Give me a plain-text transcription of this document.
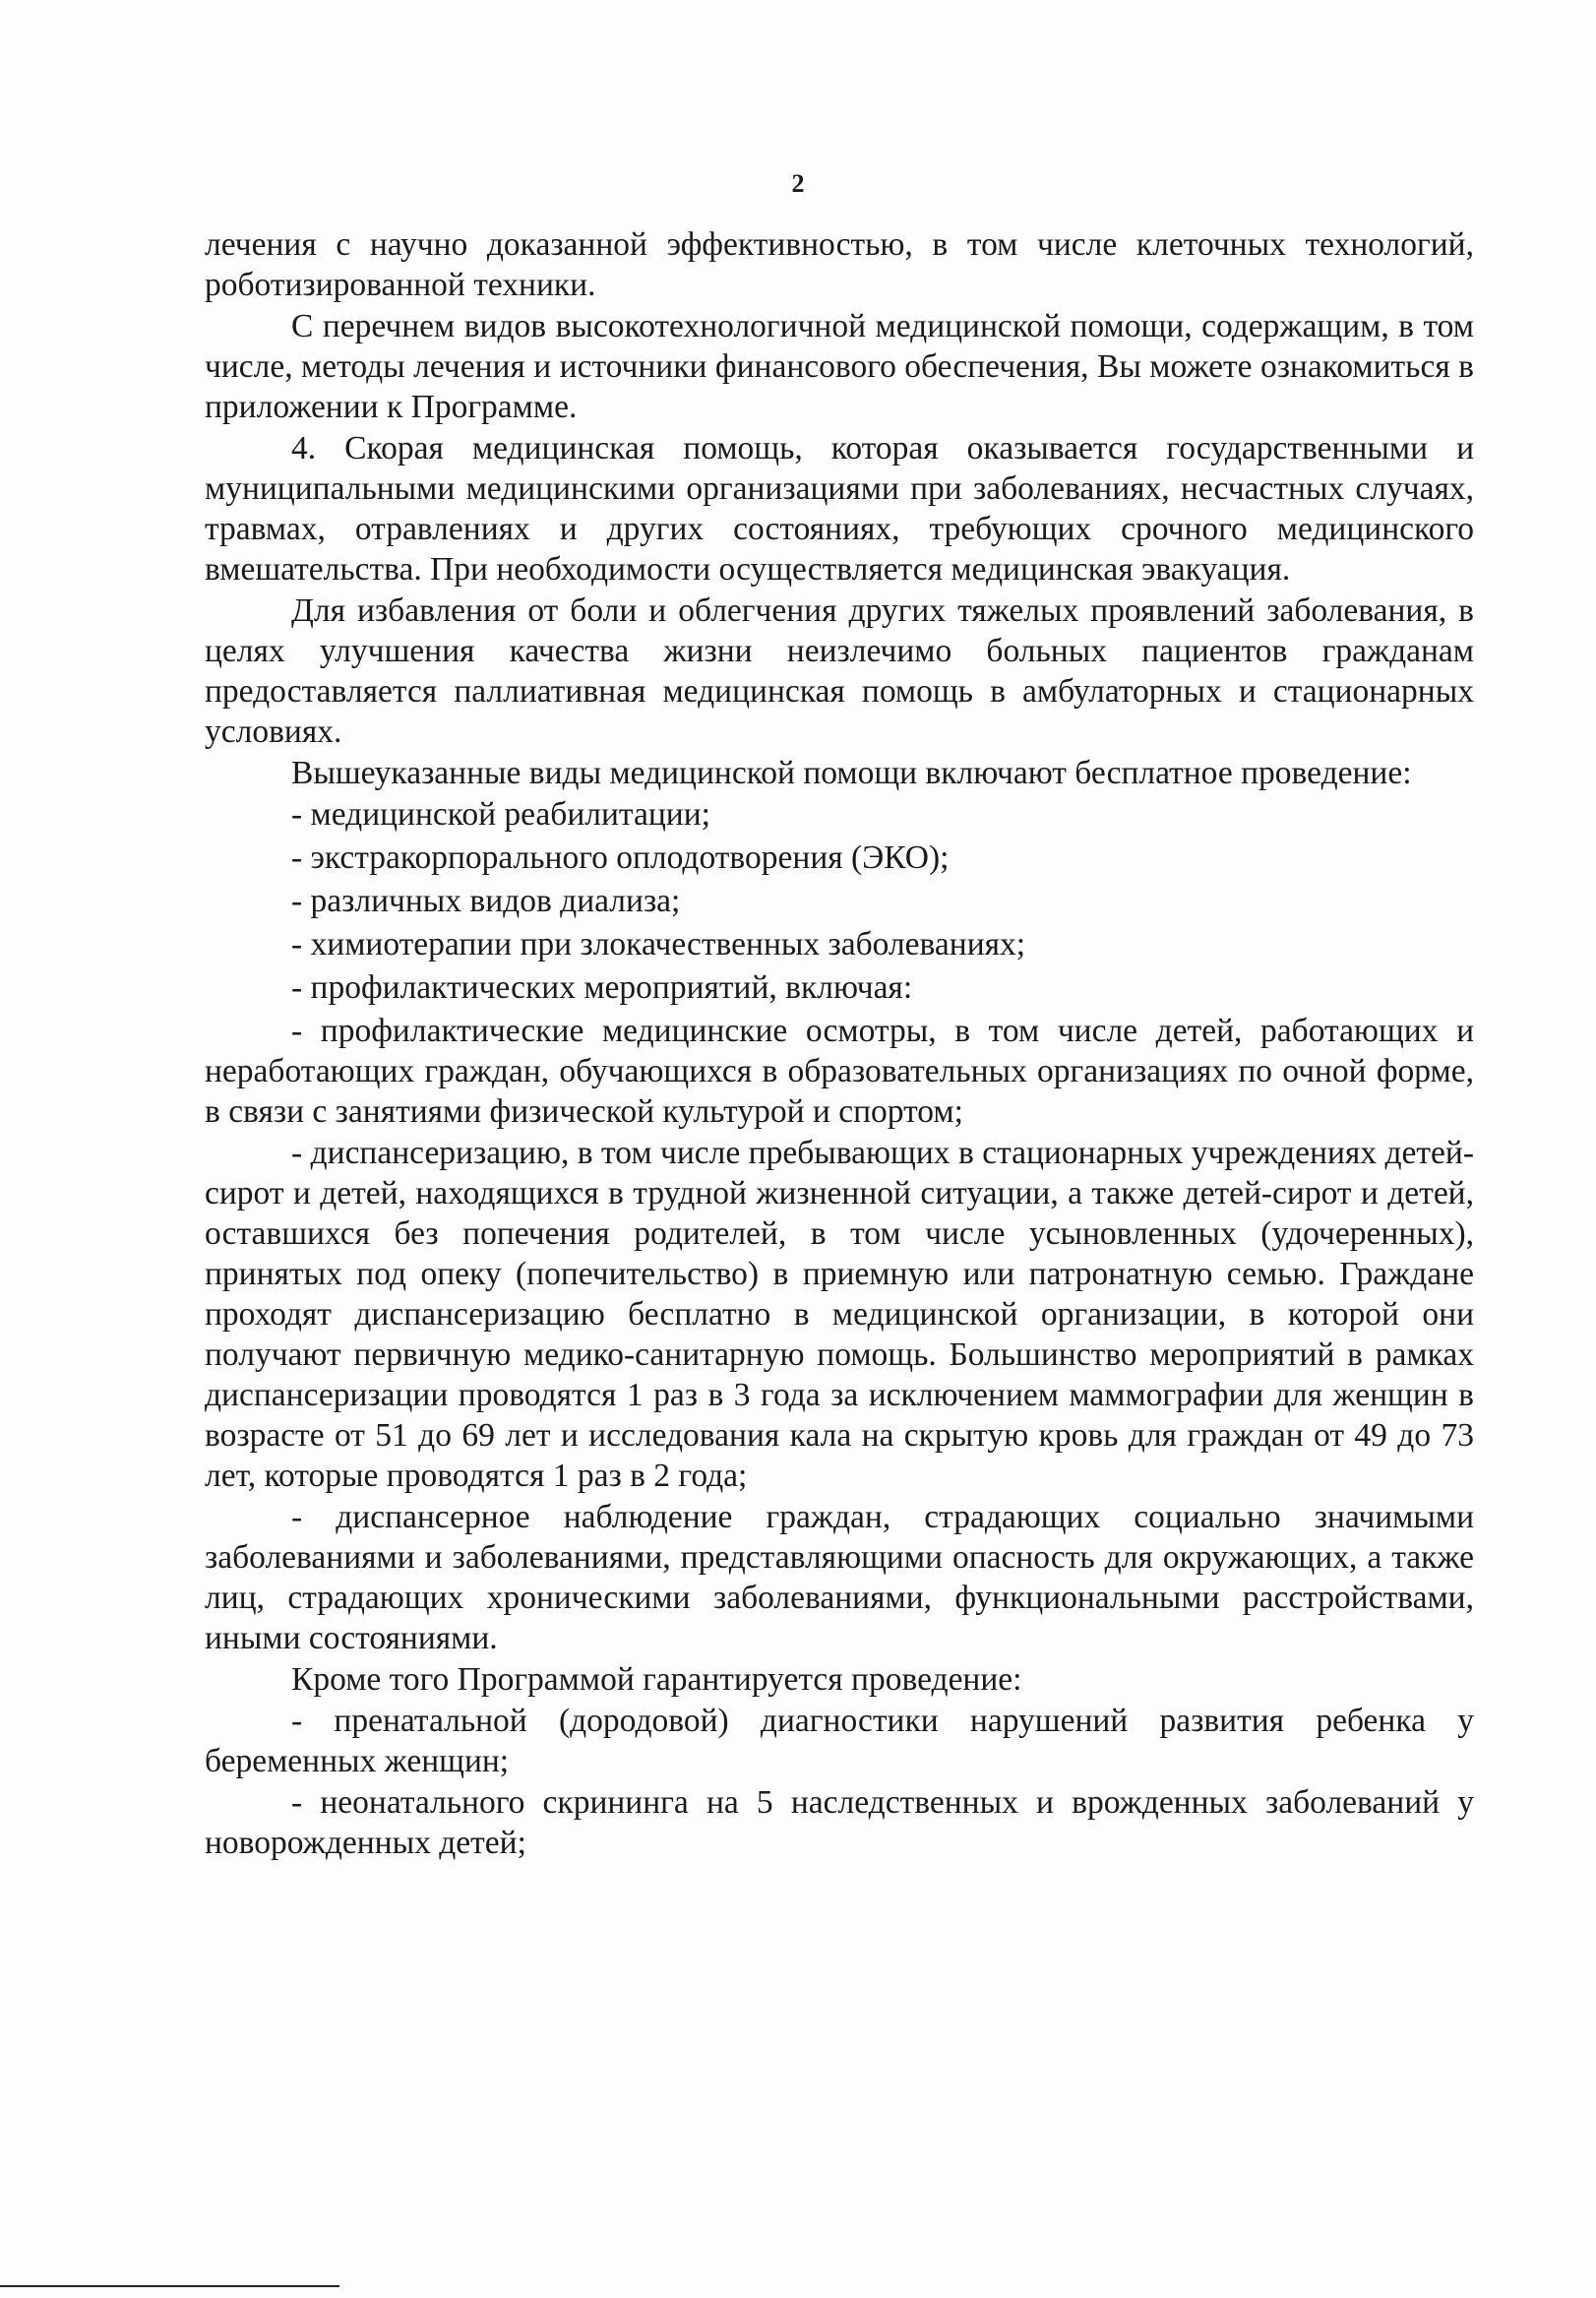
2

лечения с научно доказанной эффективностью, в том числе клеточных технологий, роботизированной техники.

С перечнем видов высокотехнологичной медицинской помощи, содержащим, в том числе, методы лечения и источники финансового обеспечения, Вы можете ознакомиться в приложении к Программе.

4. Скорая медицинская помощь, которая оказывается государственными и муниципальными медицинскими организациями при заболеваниях, несчастных случаях, травмах, отравлениях и других состояниях, требующих срочного медицинского вмешательства. При необходимости осуществляется медицинская эвакуация.

Для избавления от боли и облегчения других тяжелых проявлений заболевания, в целях улучшения качества жизни неизлечимо больных пациентов гражданам предоставляется паллиативная медицинская помощь в амбулаторных и стационарных условиях.

Вышеуказанные виды медицинской помощи включают бесплатное проведение:

- медицинской реабилитации;

- экстракорпорального оплодотворения (ЭКО);

- различных видов диализа;

- химиотерапии при злокачественных заболеваниях;

- профилактических мероприятий, включая:

- профилактические медицинские осмотры, в том числе детей, работающих и неработающих граждан, обучающихся в образовательных организациях по очной форме, в связи с занятиями физической культурой и спортом;

- диспансеризацию, в том числе пребывающих в стационарных учреждениях детей-сирот и детей, находящихся в трудной жизненной ситуации, а также детей-сирот и детей, оставшихся без попечения родителей, в том числе усыновленных (удочеренных), принятых под опеку (попечительство) в приемную или патронатную семью. Граждане проходят диспансеризацию бесплатно в медицинской организации, в которой они получают первичную медико-санитарную помощь. Большинство мероприятий в рамках диспансеризации проводятся 1 раз в 3 года за исключением маммографии для женщин в возрасте от 51 до 69 лет и исследования кала на скрытую кровь для граждан от 49 до 73 лет, которые проводятся 1 раз в 2 года;

- диспансерное наблюдение граждан, страдающих социально значимыми заболеваниями и заболеваниями, представляющими опасность для окружающих, а также лиц, страдающих хроническими заболеваниями, функциональными расстройствами, иными состояниями.

Кроме того Программой гарантируется проведение:

- пренатальной (дородовой) диагностики нарушений развития ребенка у беременных женщин;

- неонатального скрининга на 5 наследственных и врожденных заболеваний у новорожденных детей;
